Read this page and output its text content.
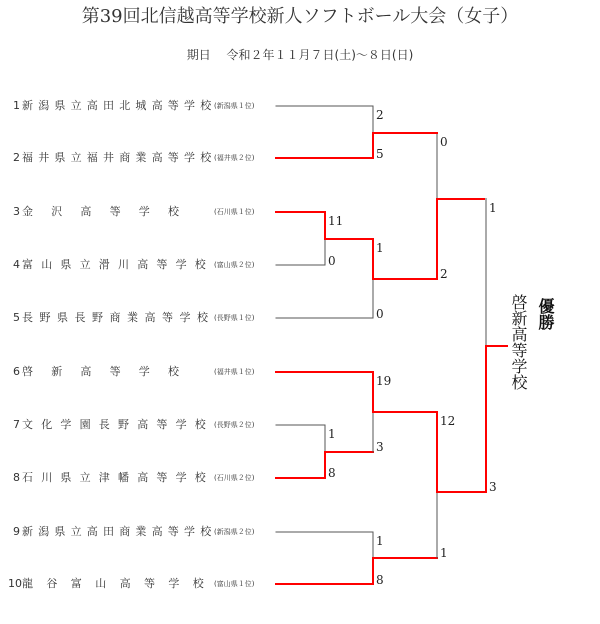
第39回北信越高等学校新人ソフトボール大会（女子）
期日　 令和２年１１月７日(土)～８日(日)
1 新潟県立高田北城高等学校(新潟県１位)
2 福井県立福井商業高等学校(福井県２位)
3 金　沢　高　等　学　校	(石川県１位)
4 富山県立滑川高等学校(富山県２位)
5 長野県長野商業高等学校(長野県１位)
6 啓　新　高　等　学　校	(福井県１位)
7 文化学園長野高等学校(長野県２位)
8 石川県立津幡高等学校(石川県２位)
9 新潟県立高田商業高等学校(新潟県２位)
10龍　谷　富　山　高　等　学　校 (富山県１位)
2
5
11
0
1
0
0
2
19
3
1
8
12
1
1
8
1
3
優勝
啓新高等学校
